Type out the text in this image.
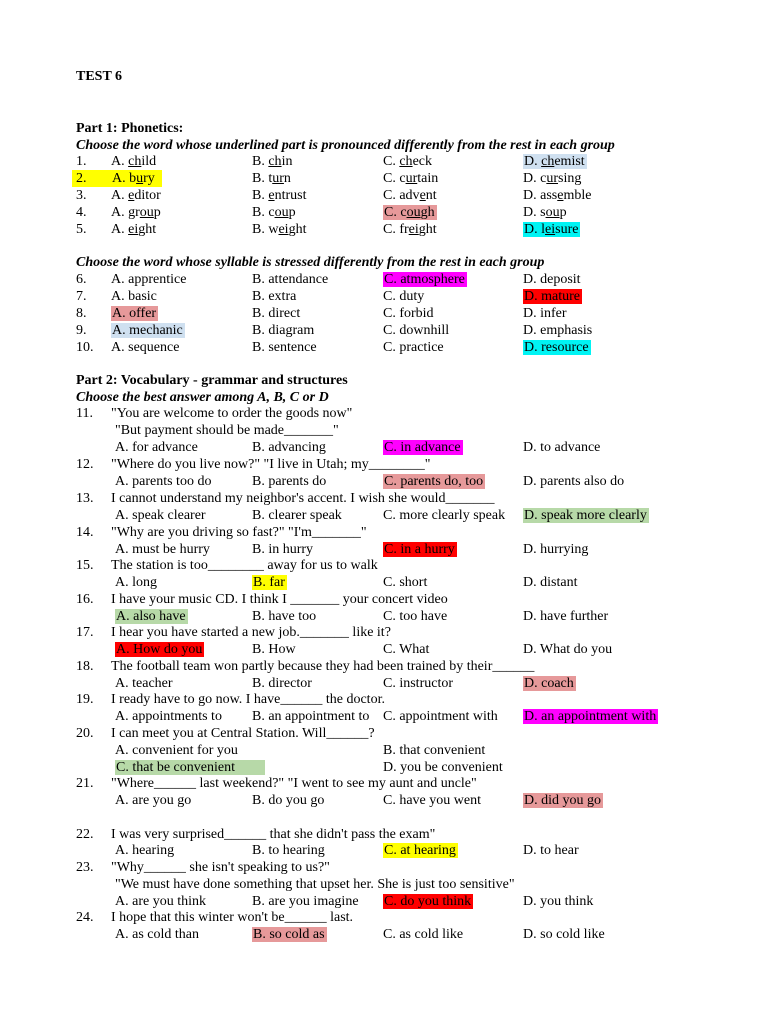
TEST 6
Part 1: Phonetics:
Choose the word whose underlined part is pronounced differently from the rest in each group
Choose the word whose syllable is stressed differently from the rest in each group
Part 2: Vocabulary - grammar and structures
Choose the best answer among A, B, C or D
1. A. child	B. chin	C. check	D. chemist
2. A. bury	B. turn	C. curtain	D. cursing
3. A. editor	B. entrust	C. advent	D. assemble
4. A. group	B. coup	C. cough	D. soup
5. A. eight	B. weight	C. freight	D. leisure
6. A. apprentice	B. attendance	C. atmosphere	D. deposit
7. A. basic	B. extra	C. duty	D. mature
8. A. offer	B. direct	C. forbid	D. infer
9. A. mechanic	B. diagram	C. downhill	D. emphasis
10. A. sequence	B. sentence	C. practice	D. resource
11. "You are welcome to order the goods now"
"But payment should be made_______"
A. for advance	B. advancing	C. in advance	D. to advance
12. "Where do you live now?" "I live in Utah; my________"
A. parents too do	B. parents do	C. parents do, too	D. parents also do
13. I cannot understand my neighbor's accent. I wish she would_______
A. speak clearer	B. clearer speak	C. more clearly speak D. speak more clearly
14. "Why are you driving so fast?" "I'm_______"
A. must be hurry	B. in hurry	C. in a hurry	D. hurrying
15. The station is too________ away for us to walk
A. long	B. far	C. short	D. distant
16. I have your music CD. I think I _______ your concert video
A. also have	B. have too	C. too have	D. have further
17. I hear you have started a new job._______ like it?
A. How do you	B. How	C. What	D. What do you
18. The football team won partly because they had been trained by their______
A. teacher	B. director	C. instructor	D. coach
19. I ready have to go now. I have______ the doctor.
A. appointments to B. an appointment to C. appointment with D. an appointment with
20. I can meet you at Central Station. Will______?
A. convenient for you	B. that convenient
C. that be convenient	D. you be convenient
21. "Where______ last weekend?" "I went to see my aunt and uncle"
A. are you go	B. do you go	C. have you went	D. did you go
22. I was very surprised______ that she didn't pass the exam"
A. hearing	B. to hearing	C. at hearing	D. to hear
23. "Why______ she isn't speaking to us?"
"We must have done something that upset her. She is just too sensitive"
A. are you think	B. are you imagine C. do you think	D. you think
24. I hope that this winter won't be______ last.
A. as cold than	B. so cold as	C. as cold like	D. so cold like
